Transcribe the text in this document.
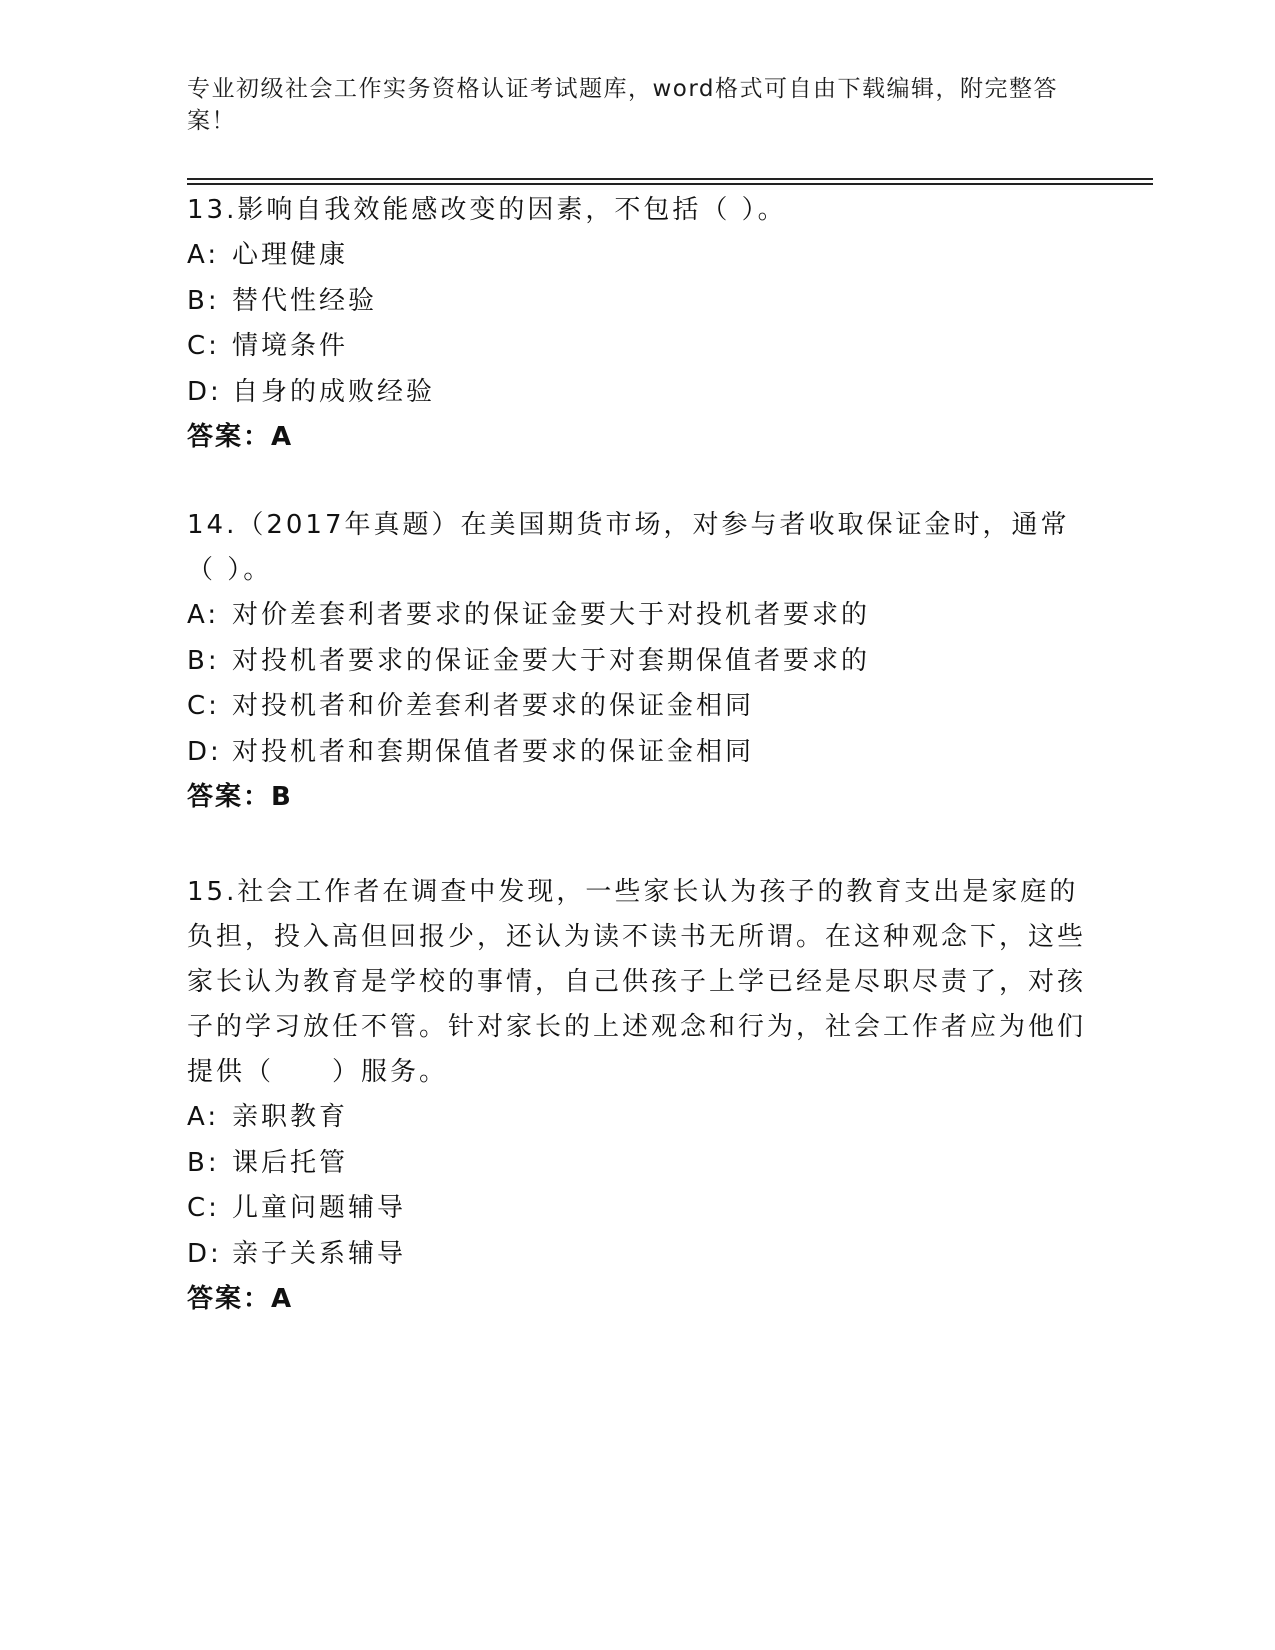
专业初级社会工作实务资格认证考试题库，word格式可自由下载编辑，附完整答案！

13.影响自我效能感改变的因素，不包括（ ）。

A: 心理健康

B: 替代性经验

C: 情境条件

D: 自身的成败经验

答案：A

14.（2017年真题）在美国期货市场，对参与者收取保证金时，通常（ ）。

A: 对价差套利者要求的保证金要大于对投机者要求的

B: 对投机者要求的保证金要大于对套期保值者要求的

C: 对投机者和价差套利者要求的保证金相同

D: 对投机者和套期保值者要求的保证金相同

答案：B

15.社会工作者在调查中发现，一些家长认为孩子的教育支出是家庭的负担，投入高但回报少，还认为读不读书无所谓。在这种观念下，这些家长认为教育是学校的事情，自己供孩子上学已经是尽职尽责了，对孩子的学习放任不管。针对家长的上述观念和行为，社会工作者应为他们提供（　　）服务。

A: 亲职教育

B: 课后托管

C: 儿童问题辅导

D: 亲子关系辅导

答案：A
